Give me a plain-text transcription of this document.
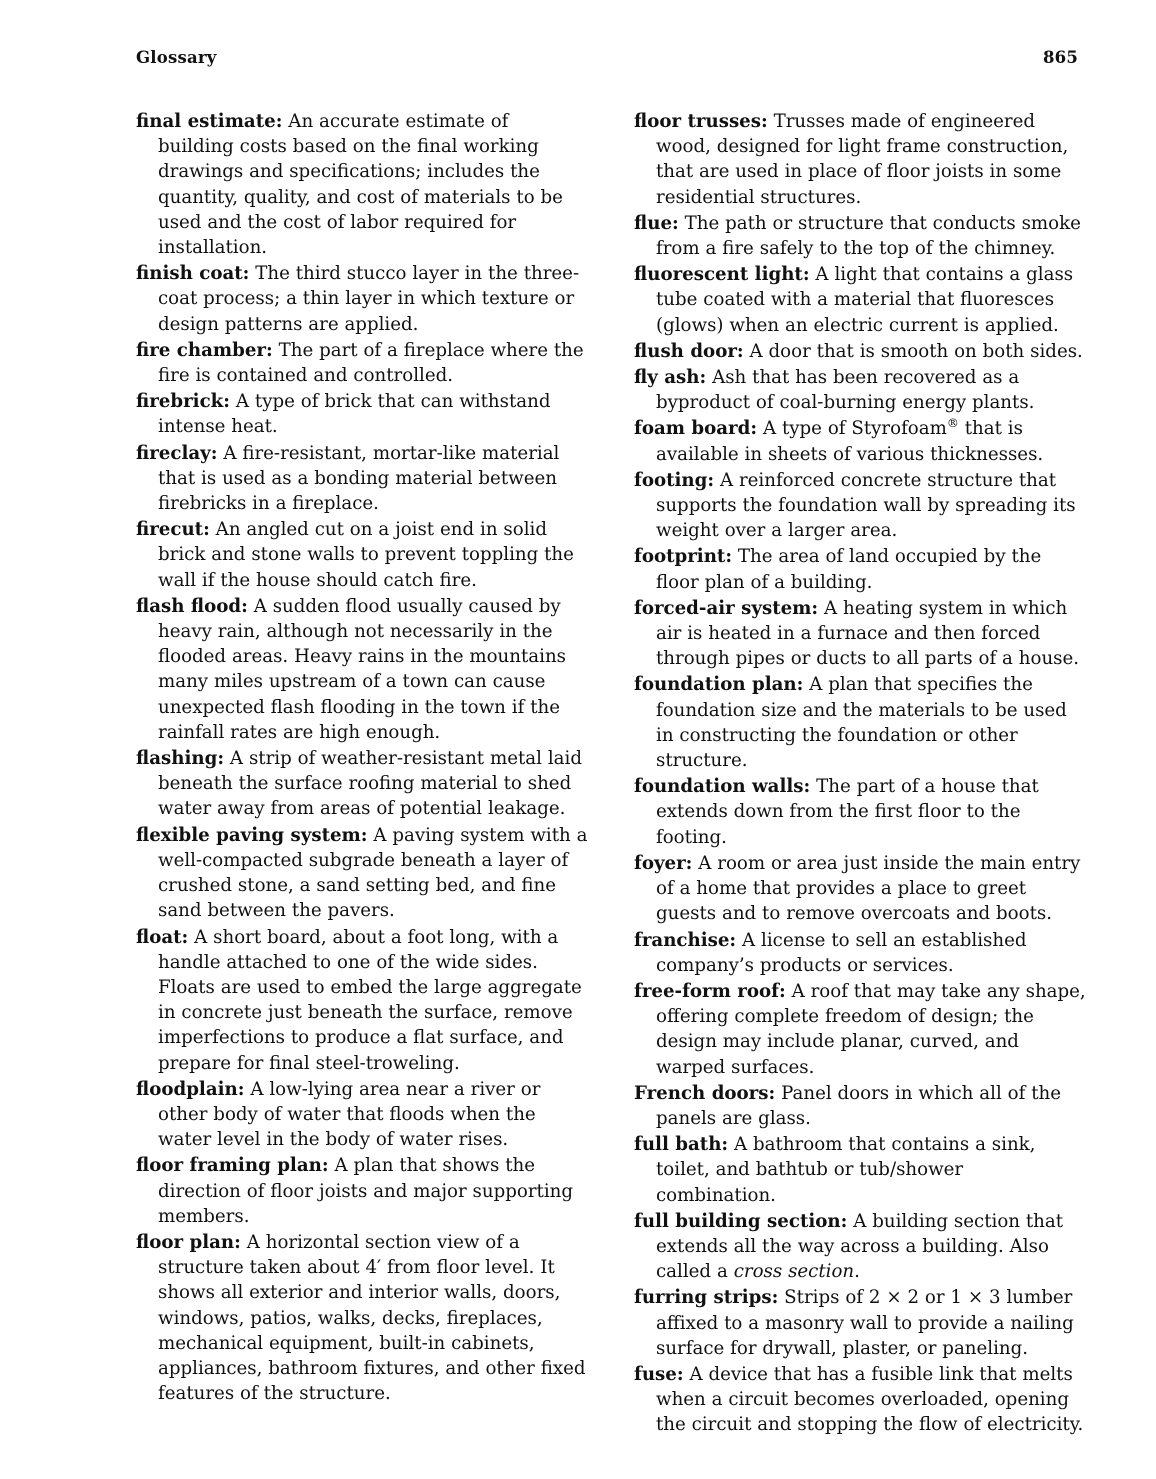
Glossary	865

final estimate: An accurate estimate of building costs based on the final working drawings and specifications; includes the quantity, quality, and cost of materials to be used and the cost of labor required for installation.

finish coat: The third stucco layer in the three-coat process; a thin layer in which texture or design patterns are applied.

fire chamber: The part of a fireplace where the fire is contained and controlled.

firebrick: A type of brick that can withstand intense heat.

fireclay: A fire-resistant, mortar-like material that is used as a bonding material between firebricks in a fireplace.

firecut: An angled cut on a joist end in solid brick and stone walls to prevent toppling the wall if the house should catch fire.

flash flood: A sudden flood usually caused by heavy rain, although not necessarily in the flooded areas. Heavy rains in the mountains many miles upstream of a town can cause unexpected flash flooding in the town if the rainfall rates are high enough.

flashing: A strip of weather-resistant metal laid beneath the surface roofing material to shed water away from areas of potential leakage.

flexible paving system: A paving system with a well-compacted subgrade beneath a layer of crushed stone, a sand setting bed, and fine sand between the pavers.

float: A short board, about a foot long, with a handle attached to one of the wide sides. Floats are used to embed the large aggregate in concrete just beneath the surface, remove imperfections to produce a flat surface, and prepare for final steel-troweling.

floodplain: A low-lying area near a river or other body of water that floods when the water level in the body of water rises.

floor framing plan: A plan that shows the direction of floor joists and major supporting members.

floor plan: A horizontal section view of a structure taken about 4′ from floor level. It shows all exterior and interior walls, doors, windows, patios, walks, decks, fireplaces, mechanical equipment, built-in cabinets, appliances, bathroom fixtures, and other fixed features of the structure.

floor trusses: Trusses made of engineered wood, designed for light frame construction, that are used in place of floor joists in some residential structures.

flue: The path or structure that conducts smoke from a fire safely to the top of the chimney.

fluorescent light: A light that contains a glass tube coated with a material that fluoresces (glows) when an electric current is applied.

flush door: A door that is smooth on both sides.

fly ash: Ash that has been recovered as a byproduct of coal-burning energy plants.

foam board: A type of Styrofoam® that is available in sheets of various thicknesses.

footing: A reinforced concrete structure that supports the foundation wall by spreading its weight over a larger area.

footprint: The area of land occupied by the floor plan of a building.

forced-air system: A heating system in which air is heated in a furnace and then forced through pipes or ducts to all parts of a house.

foundation plan: A plan that specifies the foundation size and the materials to be used in constructing the foundation or other structure.

foundation walls: The part of a house that extends down from the first floor to the footing.

foyer: A room or area just inside the main entry of a home that provides a place to greet guests and to remove overcoats and boots.

franchise: A license to sell an established company’s products or services.

free-form roof: A roof that may take any shape, offering complete freedom of design; the design may include planar, curved, and warped surfaces.

French doors: Panel doors in which all of the panels are glass.

full bath: A bathroom that contains a sink, toilet, and bathtub or tub/shower combination.

full building section: A building section that extends all the way across a building. Also called a cross section.

furring strips: Strips of 2 × 2 or 1 × 3 lumber affixed to a masonry wall to provide a nailing surface for drywall, plaster, or paneling.

fuse: A device that has a fusible link that melts when a circuit becomes overloaded, opening the circuit and stopping the flow of electricity.
